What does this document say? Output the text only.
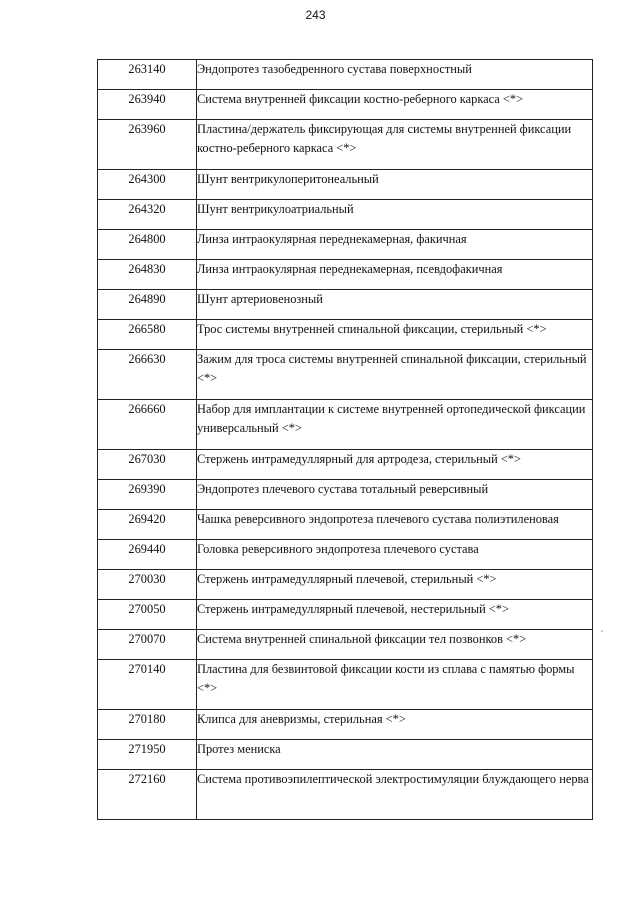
243
263140	Эндопротез тазобедренного сустава поверхностный
263940	Система внутренней фиксации костно-реберного каркаса <*>
263960	Пластина/держатель фиксирующая для системы внутренней фиксации костно-реберного каркаса <*>
264300	Шунт вентрикулоперитонеальный
264320	Шунт вентрикулоатриальный
264800	Линза интраокулярная переднекамерная, факичная
264830	Линза интраокулярная переднекамерная, псевдофакичная
264890	Шунт артериовенозный
266580	Трос системы внутренней спинальной фиксации, стерильный <*>
266630	Зажим для троса системы внутренней спинальной фиксации, стерильный <*>
266660	Набор для имплантации к системе внутренней ортопедической фиксации универсальный <*>
267030	Стержень интрамедуллярный для артродеза, стерильный <*>
269390	Эндопротез плечевого сустава тотальный реверсивный
269420	Чашка реверсивного эндопротеза плечевого сустава полиэтиленовая
269440	Головка реверсивного эндопротеза плечевого сустава
270030	Стержень интрамедуллярный плечевой, стерильный <*>
270050	Стержень интрамедуллярный плечевой, нестерильный <*>
270070	Система внутренней спинальной фиксации тел позвонков <*>
270140	Пластина для безвинтовой фиксации кости из сплава с памятью формы <*>
270180	Клипса для аневризмы, стерильная <*>
271950	Протез мениска
272160	Система противоэпилептической электростимуляции блуждающего нерва
